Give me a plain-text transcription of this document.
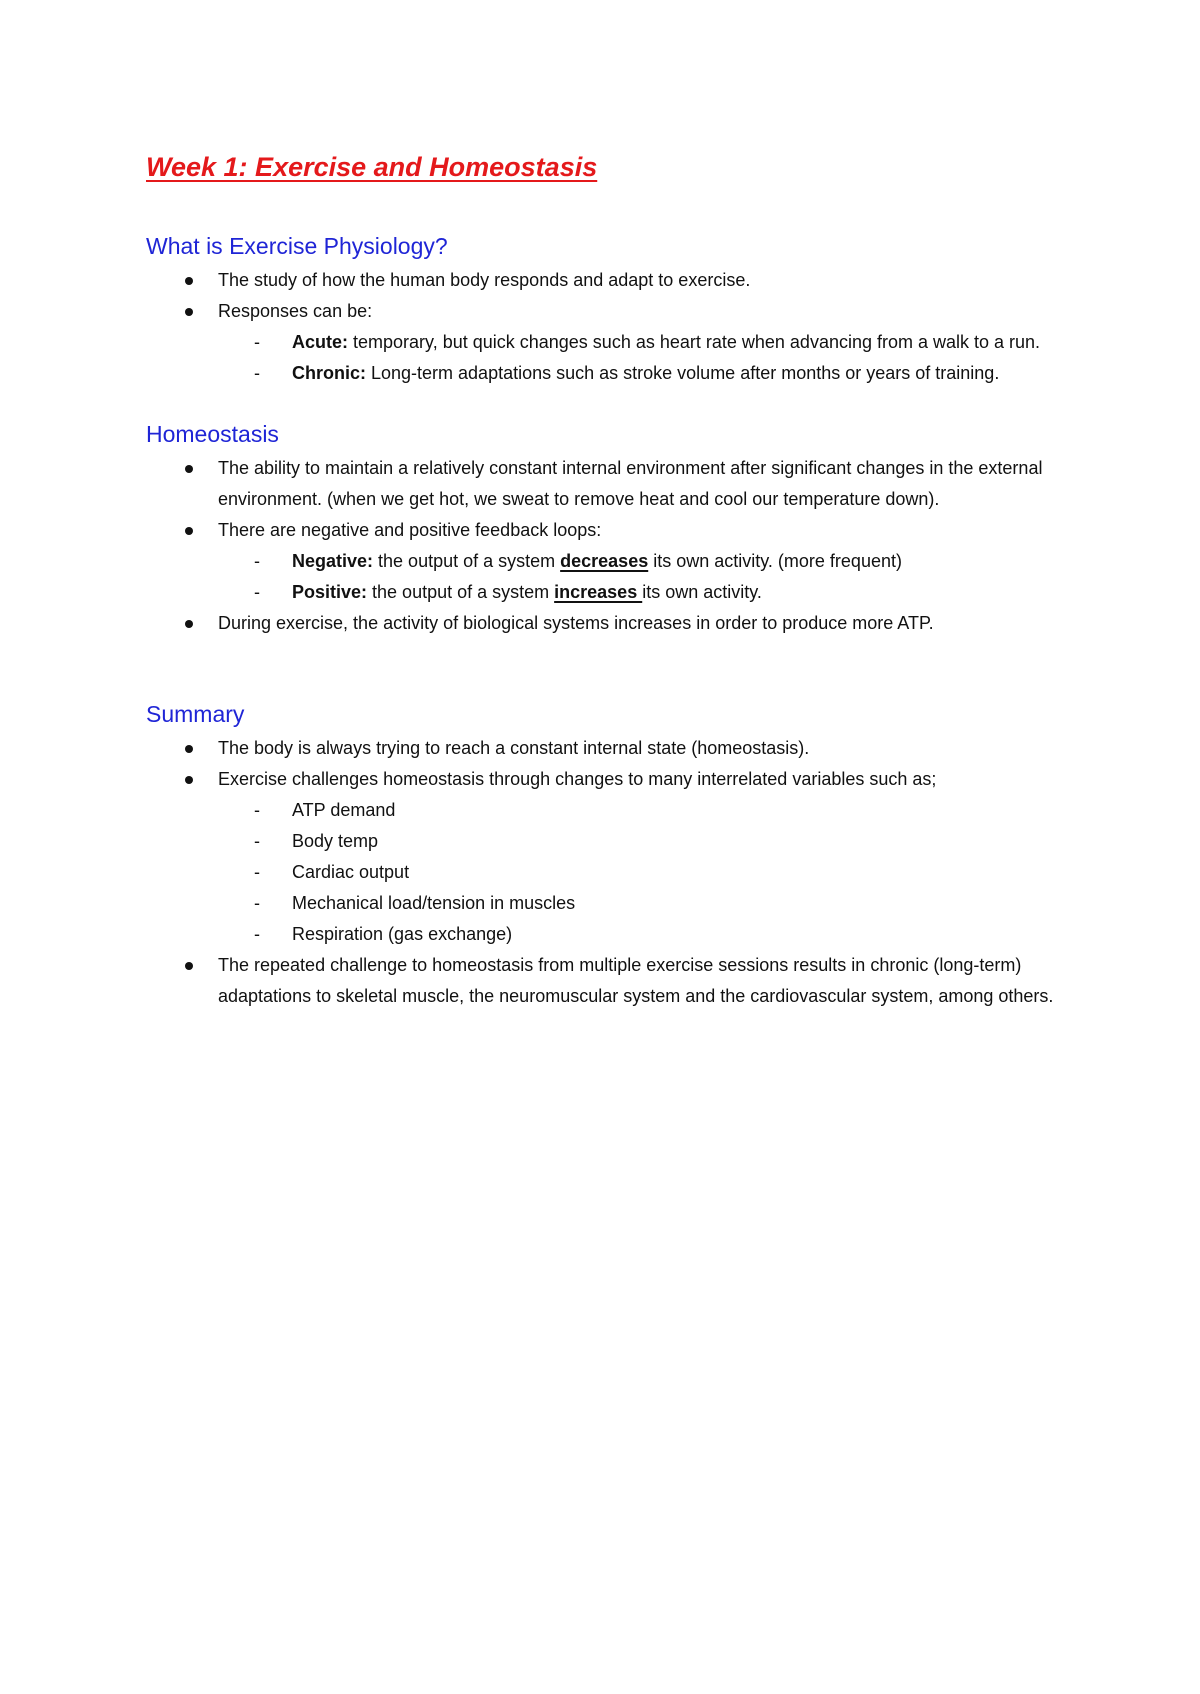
Week 1: Exercise and Homeostasis
What is Exercise Physiology?
The study of how the human body responds and adapt to exercise.
Responses can be:
- Acute: temporary, but quick changes such as heart rate when advancing from a walk to a run.
- Chronic: Long-term adaptations such as stroke volume after months or years of training.
Homeostasis
The ability to maintain a relatively constant internal environment after significant changes in the external environment. (when we get hot, we sweat to remove heat and cool our temperature down).
There are negative and positive feedback loops:
- Negative: the output of a system decreases its own activity. (more frequent)
- Positive: the output of a system increases its own activity.
During exercise, the activity of biological systems increases in order to produce more ATP.
Summary
The body is always trying to reach a constant internal state (homeostasis).
Exercise challenges homeostasis through changes to many interrelated variables such as;
- ATP demand
- Body temp
- Cardiac output
- Mechanical load/tension in muscles
- Respiration (gas exchange)
The repeated challenge to homeostasis from multiple exercise sessions results in chronic (long-term) adaptations to skeletal muscle, the neuromuscular system and the cardiovascular system, among others.
